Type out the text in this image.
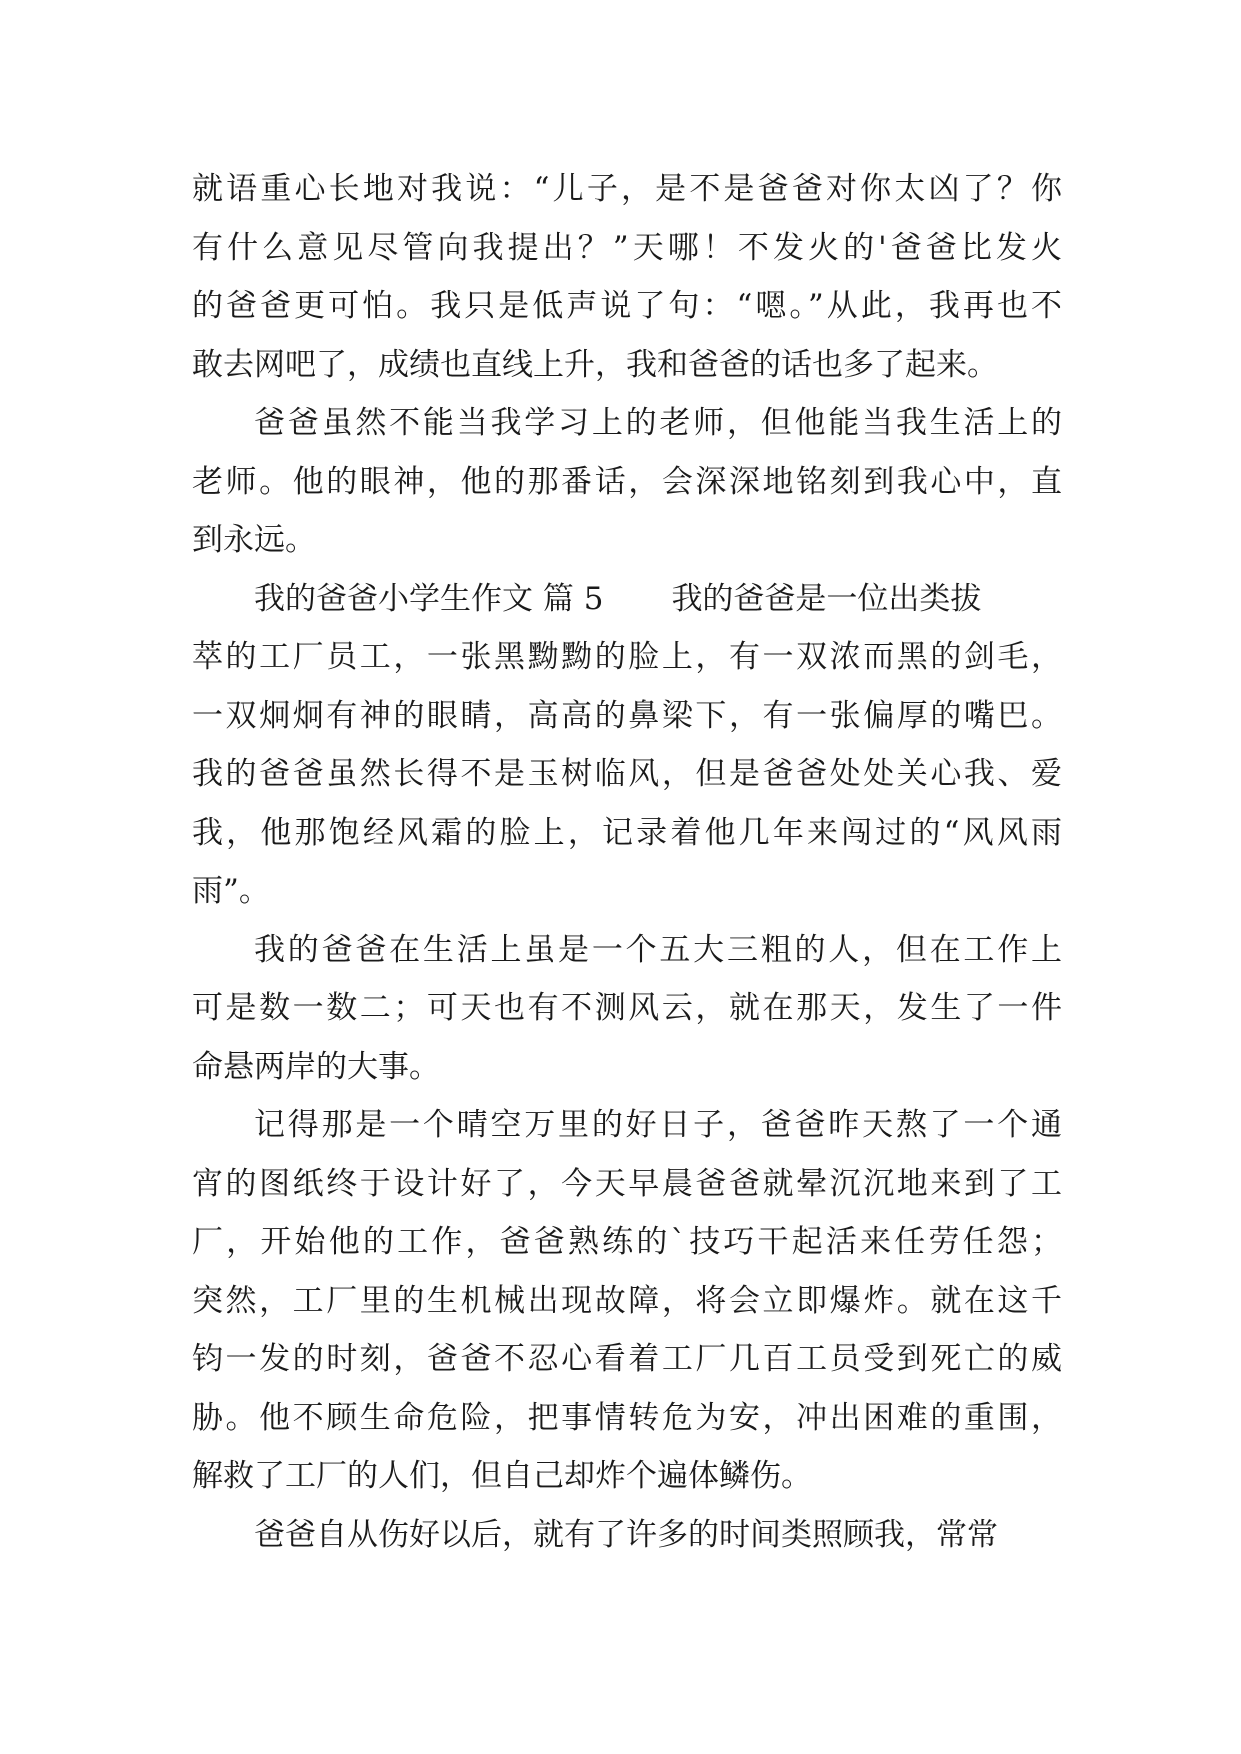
就语重心长地对我说：“儿子，是不是爸爸对你太凶了？你
有什么意见尽管向我提出？”天哪！不发火的'爸爸比发火
的爸爸更可怕。我只是低声说了句：“嗯。”从此，我再也不
敢去网吧了，成绩也直线上升，我和爸爸的话也多了起来。
爸爸虽然不能当我学习上的老师，但他能当我生活上的
老师。他的眼神，他的那番话，会深深地铭刻到我心中，直
到永远。
我的爸爸小学生作文 篇 5 我的爸爸是一位出类拔
萃的工厂员工，一张黑黝黝的脸上，有一双浓而黑的剑毛，
一双炯炯有神的眼睛，高高的鼻梁下，有一张偏厚的嘴巴。
我的爸爸虽然长得不是玉树临风，但是爸爸处处关心我、爱
我，他那饱经风霜的脸上，记录着他几年来闯过的“风风雨
雨”。
我的爸爸在生活上虽是一个五大三粗的人，但在工作上
可是数一数二；可天也有不测风云，就在那天，发生了一件
命悬两岸的大事。
记得那是一个晴空万里的好日子，爸爸昨天熬了一个通
宵的图纸终于设计好了，今天早晨爸爸就晕沉沉地来到了工
厂，开始他的工作，爸爸熟练的`技巧干起活来任劳任怨；
突然，工厂里的生机械出现故障，将会立即爆炸。就在这千
钧一发的时刻，爸爸不忍心看着工厂几百工员受到死亡的威
胁。他不顾生命危险，把事情转危为安，冲出困难的重围，
解救了工厂的人们，但自己却炸个遍体鳞伤。
爸爸自从伤好以后，就有了许多的时间类照顾我，常常
